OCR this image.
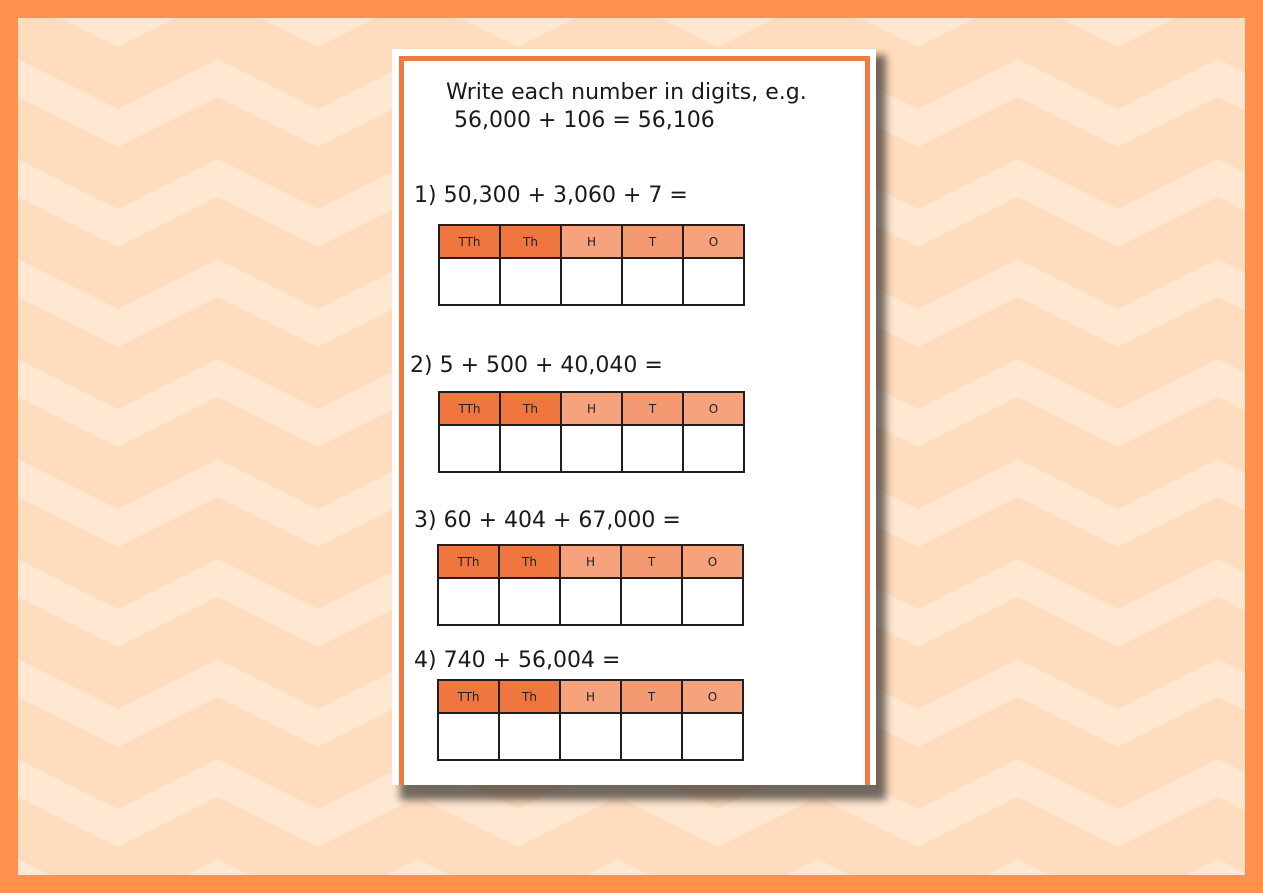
Write each number in digits, e.g.
56,000 + 106 = 56,106
1) 50,300 + 3,060 + 7 =
TTh	Th	H	T	O

2) 5 + 500 + 40,040 =
TTh	Th	H	T	O

3) 60 + 404 + 67,000 =
TTh	Th	H	T	O

4) 740 + 56,004 =
TTh	Th	H	T	O
